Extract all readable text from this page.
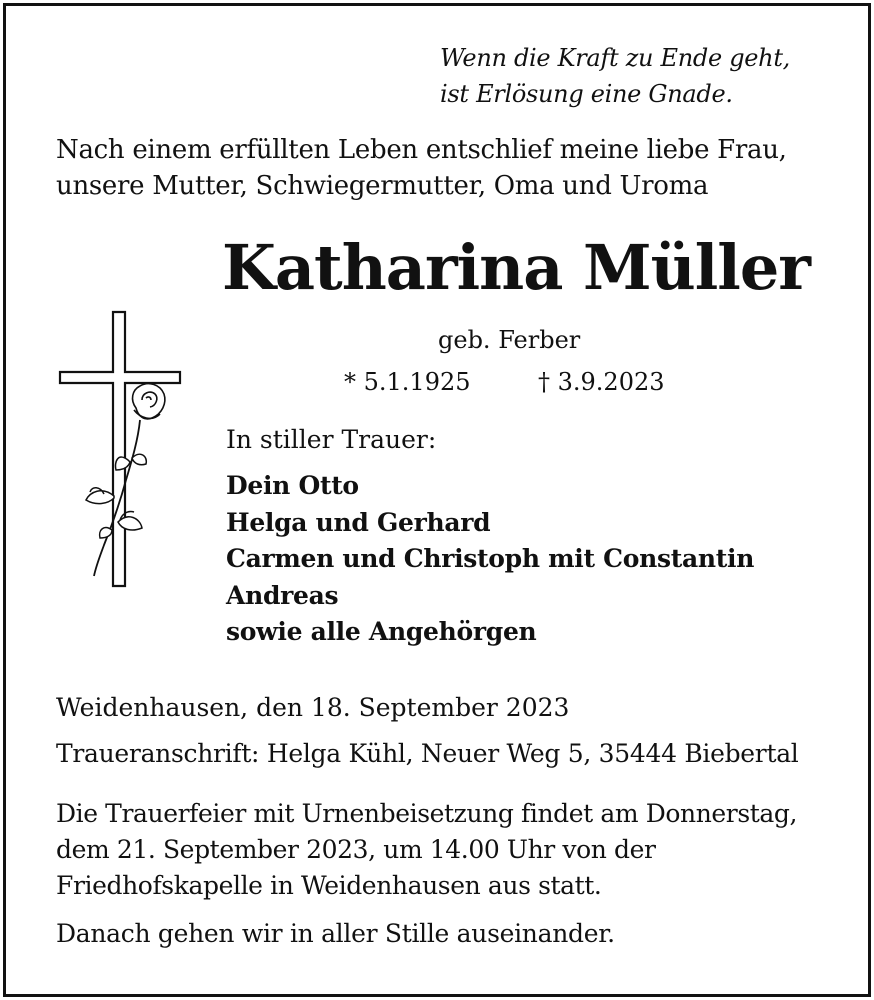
Wenn die Kraft zu Ende geht,
ist Erlösung eine Gnade.
Nach einem erfüllten Leben entschlief meine liebe Frau,
unsere Mutter, Schwiegermutter, Oma und Uroma
Katharina Müller
geb. Ferber
* 5.1.1925	† 3.9.2023
In stiller Trauer:
Dein Otto
Helga und Gerhard
Carmen und Christoph mit Constantin
Andreas
sowie alle Angehörgen
Weidenhausen, den 18. September 2023
Traueranschrift: Helga Kühl, Neuer Weg 5, 35444 Biebertal
Die Trauerfeier mit Urnenbeisetzung findet am Donnerstag,
dem 21. September 2023, um 14.00 Uhr von der
Friedhofskapelle in Weidenhausen aus statt.
Danach gehen wir in aller Stille auseinander.
